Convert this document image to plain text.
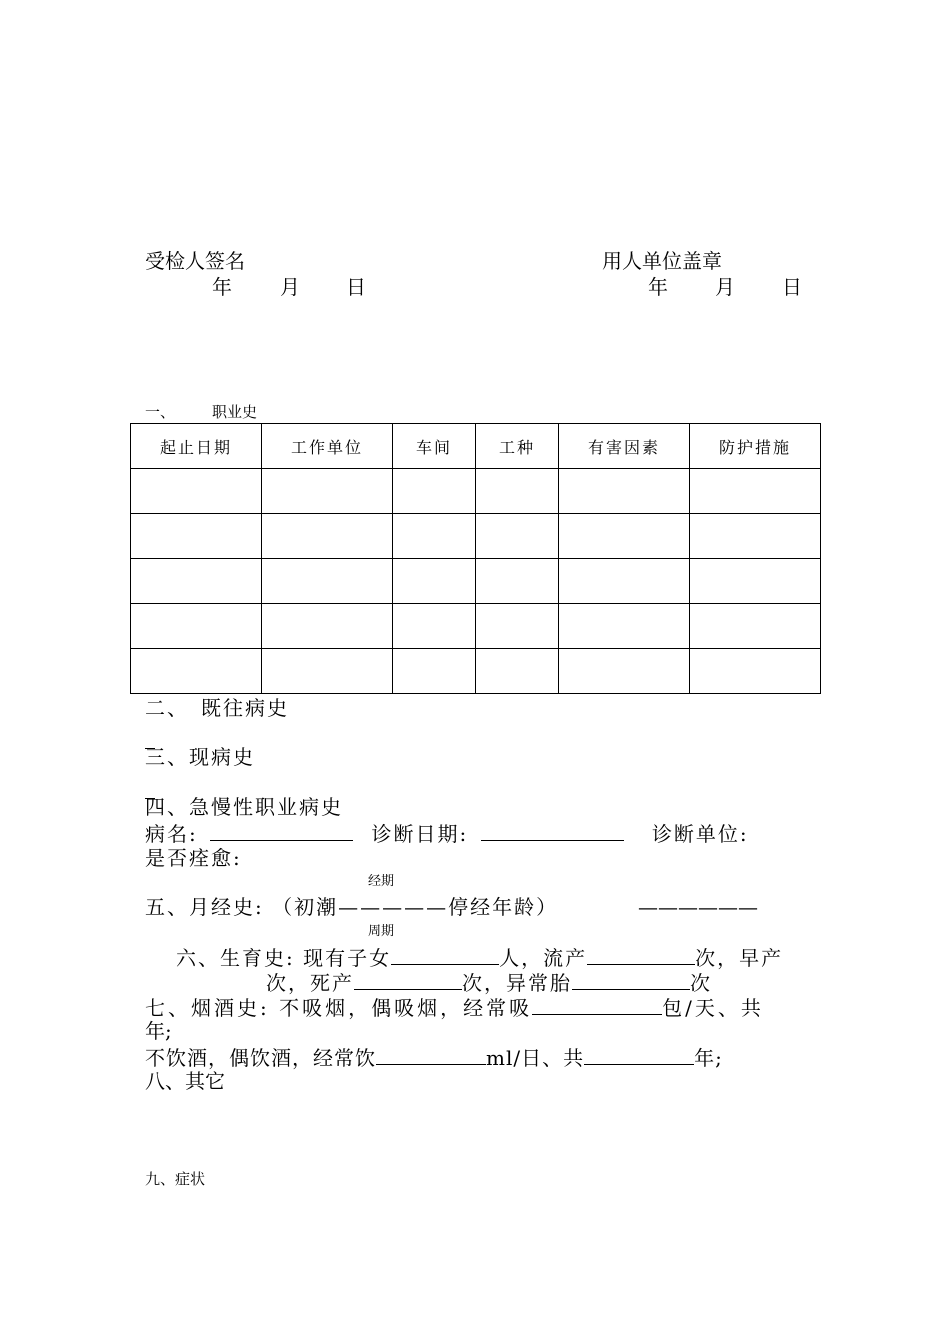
受检人签名	用人单位盖章
年 月 日	年 月 日
一、 职业史
起止日期	工作单位	车间	工种	有害因素	防护措施

二、　既往病史
三、现病史
四、急慢性职业病史
病名:	诊断日期:	诊断单位:
是否痊愈:
经期
五、月经史: （初潮—————停经年龄）	——————
周期
六、生育史: 现有子女	人，流产	次，早产
次，死产	次，异常胎	次
七、烟酒史: 不吸烟，偶吸烟，经常吸	包/天、共
年;
不饮酒，偶饮酒，经常饮	ml/日、共	年;
八、其它
九、症状
